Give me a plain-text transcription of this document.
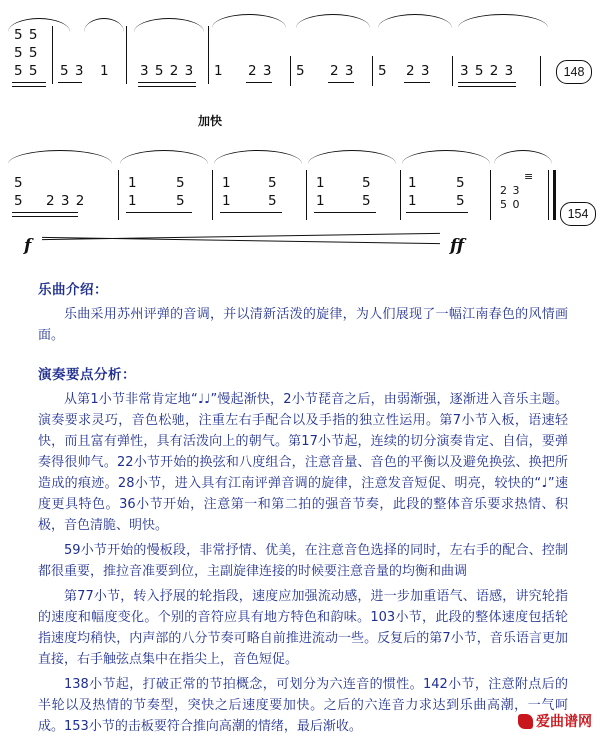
5 5
5 5
5 5 5 3 1 3 5 2 3 1 2 3 5 2 3 5 2 3 3 5 2 3	148
加快
5
5 2 3 2
1
1
5
5
1
1
5
5
1
1
5
5
1
1
5
5
≡
2 3
5 0
154
f	ff
乐曲介绍：

乐曲采用苏州评弹的音调，并以清新活泼的旋律，为人们展现了一幅江南春色的风情画面。

演奏要点分析：

从第1小节非常肯定地“♩♩”慢起渐快，2小节琵音之后，由弱渐强，逐渐进入音乐主题。演奏要求灵巧，音色松驰，注重左右手配合以及手指的独立性运用。第7小节入板，语速轻快，而且富有弹性，具有活泼向上的朝气。第17小节起，连续的切分演奏肯定、自信，要弹奏得很帅气。22小节开始的换弦和八度组合，注意音量、音色的平衡以及避免换弦、换把所造成的痕迹。28小节，进入具有江南评弹音调的旋律，注意发音短促、明亮，较快的“♩”速度更具特色。36小节开始，注意第一和第二拍的强音节奏，此段的整体音乐要求热情、积极，音色清脆、明快。

59小节开始的慢板段，非常抒情、优美，在注意音色选择的同时，左右手的配合、控制都很重要，推拉音准要到位，主副旋律连接的时候要注意音量的均衡和曲调

第77小节，转入抒展的轮指段，速度应加强流动感，进一步加重语气、语感，讲究轮指的速度和幅度变化。个别的音符应具有地方特色和韵味。103小节，此段的整体速度包括轮指速度均稍快，内声部的八分节奏可略自前推进流动一些。反复后的第7小节，音乐语言更加直接，右手触弦点集中在指尖上，音色短促。

138小节起，打破正常的节拍概念，可划分为六连音的惯性。142小节，注意附点后的半轮以及热情的节奏型，突快之后速度要加快。之后的六连音力求达到乐曲高潮，一气呵成。153小节的击板要符合推向高潮的情绪，最后渐收。	爱曲谱网
